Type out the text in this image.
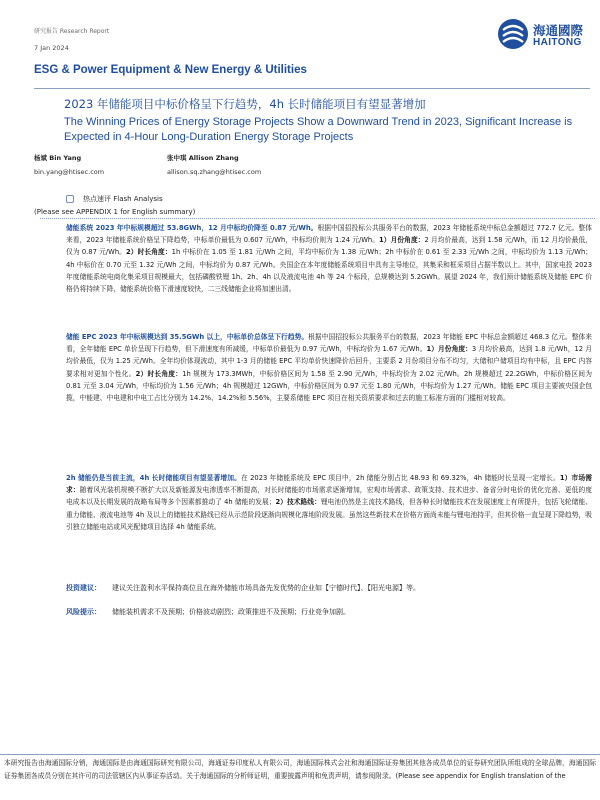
研究报告 Research Report
7 Jan 2024
海通國際
HAITONG
ESG & Power Equipment & New Energy & Utilities
2023 年储能项目中标价格呈下行趋势，4h 长时储能项目有望显著增加
The Winning Prices of Energy Storage Projects Show a Downward Trend in 2023, Significant Increase is Expected in 4-Hour Long-Duration Energy Storage Projects
杨斌 Bin Yang
bin.yang@htisec.com
张中琪 Allison Zhang
allison.sq.zhang@htisec.com
热点速评 Flash Analysis
(Please see APPENDIX 1 for English summary)
储能系统 2023 年中标规模超过 53.8GWh，12 月中标均价降至 0.87 元/Wh。根据中国招投标公共服务平台的数据，2023 年储能系统中标总金额超过 772.7 亿元。整体来看，2023 年储能系统价格呈下降趋势，中标单价最低为 0.607 元/Wh，中标均价则为 1.24 元/Wh。1）月份角度：2 月均价最高，达到 1.58 元/Wh，而 12 月均价最低，仅为 0.87 元/Wh。2）时长角度：1h 中标价在 1.05 至 1.81 元/Wh 之间，平均中标价为 1.38 元/Wh；2h 中标价在 0.61 至 2.33 元/Wh 之间，中标均价为 1.13 元/Wh；4h 中标价在 0.70 元至 1.32 元/Wh 之间，中标均价为 0.87 元/Wh。央国企在本年度储能系统项目中具有主导地位，其集采和框采项目占据半数以上。其中，国家电投 2023 年度储能系统电商化集采项目规模最大，包括磷酸铁锂 1h、2h、4h 以及液流电池 4h 等 24 个标段，总规模达到 5.2GWh。展望 2024 年，我们预计储能系统及储能 EPC 价格仍将持续下降，储能系统价格下滑速度较快，二三线储能企业将加速出清。
储能 EPC 2023 年中标规模达到 35.5GWh 以上，中标单价总体呈下行趋势。根据中国招投标公共服务平台的数据，2023 年储能 EPC 中标总金额超过 468.3 亿元。整体来看，全年储能 EPC 单价呈现下行趋势，但下滑速度有所减缓，中标单价最低为 0.97 元/Wh，中标均价为 1.67 元/Wh。1）月份角度：3 月均价最高，达到 1.8 元/Wh，12 月均价最低，仅为 1.25 元/Wh。全年均价体现波动，其中 1-3 月的储能 EPC 平均单价快速降价后回升，主要系 2 月份项目分布不均匀，大储和户储项目均有中标，且 EPC 内容要求相对更加个性化。2）时长角度：1h 规模为 173.3MWh，中标价格区间为 1.58 至 2.90 元/Wh，中标均价为 2.02 元/Wh。2h 规模超过 22.2GWh，中标价格区间为 0.81 元至 3.04 元/Wh，中标均价为 1.56 元/Wh；4h 规模超过 12GWh，中标价格区间为 0.97 元至 1.80 元/Wh，中标均价为 1.27 元/Wh。储能 EPC 项目主要被央国企包揽，中能建、中电建和中电工占比分别为 14.2%、14.2%和 5.56%，主要系储能 EPC 项目在相关资质要求和过去的施工标准方面的门槛相对较高。
2h 储能仍是当前主流，4h 长时储能项目有望显著增加。在 2023 年储能系统及 EPC 项目中，2h 储能分别占比 48.93 和 69.32%，4h 储能时长呈现一定增长。1）市场需求：随着风光装机规模不断扩大以及新能源发电渗透率不断提高，对长时储能的市场需求逐渐增加，宏观市场需求、政策支持、技术进步、备省分时电价的优化完善、更低的度电成本以及长期发展的战略布局等多个因素都推动了 4h 储能的发展；2）技术路线：锂电池仍然是主流技术路线，但各种长时储能技术在发展速度上有所提升，包括飞轮储能、重力储能、液流电池等 4h 及以上的储能技术路线已经从示范阶段逐渐向规模化落地阶段发展。虽然这些新技术在价格方面尚未能与锂电池持平，但其价格一直呈现下降趋势，吸引独立储能电站或风光配储项目选择 4h 储能系统。
投资建议： 建议关注盈利水平保持高位且在海外储能市场具备先发优势的企业如【宁德时代】、【阳光电源】等。
风险提示： 储能装机需求不及预期；价格波动剧烈；政策推进不及预期；行业竞争加剧。
本研究报告由海通国际分销，海通国际是由海通国际研究有限公司，海通证券印度私人有限公司，海通国际株式会社和海通国际证券集团其他各成员单位的证券研究团队所组成的全球品牌，海通国际证券集团各成员分别在其许可的司法管辖区内从事证券活动。关于海通国际的分析师证明，重要披露声明和免责声明，请参阅附录。(Please see appendix for English translation of the
